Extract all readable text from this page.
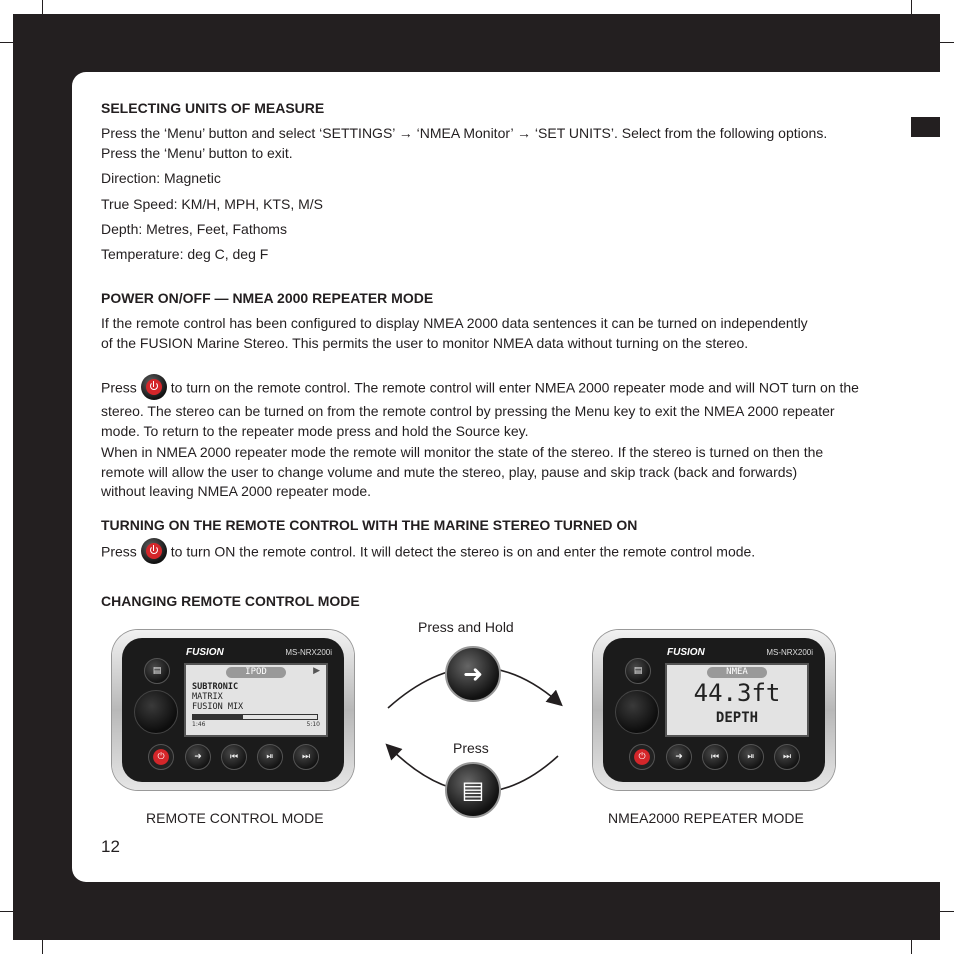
SELECTING UNITS OF MEASURE
Press the ‘Menu’ button and select ‘SETTINGS’ → ‘NMEA Monitor’ → ‘SET UNITS’. Select from the following options. Press the ‘Menu’ button to exit.
Direction: Magnetic
True Speed: KM/H, MPH, KTS, M/S
Depth: Metres, Feet, Fathoms
Temperature: deg C, deg F
POWER ON/OFF — NMEA 2000 REPEATER MODE
If the remote control has been configured to display NMEA 2000 data sentences it can be turned on independently of the FUSION Marine Stereo. This permits the user to monitor NMEA data without turning on the stereo.
Press to turn on the remote control. The remote control will enter NMEA 2000 repeater mode and will NOT turn on the stereo. The stereo can be turned on from the remote control by pressing the Menu key to exit the NMEA 2000 repeater mode. To return to the repeater mode press and hold the Source key.
When in NMEA 2000 repeater mode the remote will monitor the state of the stereo. If the stereo is turned on then the remote will allow the user to change volume and mute the stereo, play, pause and skip track (back and forwards) without leaving NMEA 2000 repeater mode.
TURNING ON THE REMOTE CONTROL WITH THE MARINE STEREO TURNED ON
Press to turn ON the remote control. It will detect the stereo is on and enter the remote control mode.
CHANGING REMOTE CONTROL MODE
FUSION	MS-NRX200i
▤	IPOD	▶
SUBTRONIC
MATRIX
FUSION MIX
1:46	5:10
⏻	➜	⏮	⏯	⏭
FUSION	MS-NRX200i
▤	NMEA
44.3ft
DEPTH
⏻	➜	⏮	⏯	⏭
Press and Hold
Press
➜
▤
REMOTE CONTROL MODE	NMEA2000 REPEATER MODE
12
